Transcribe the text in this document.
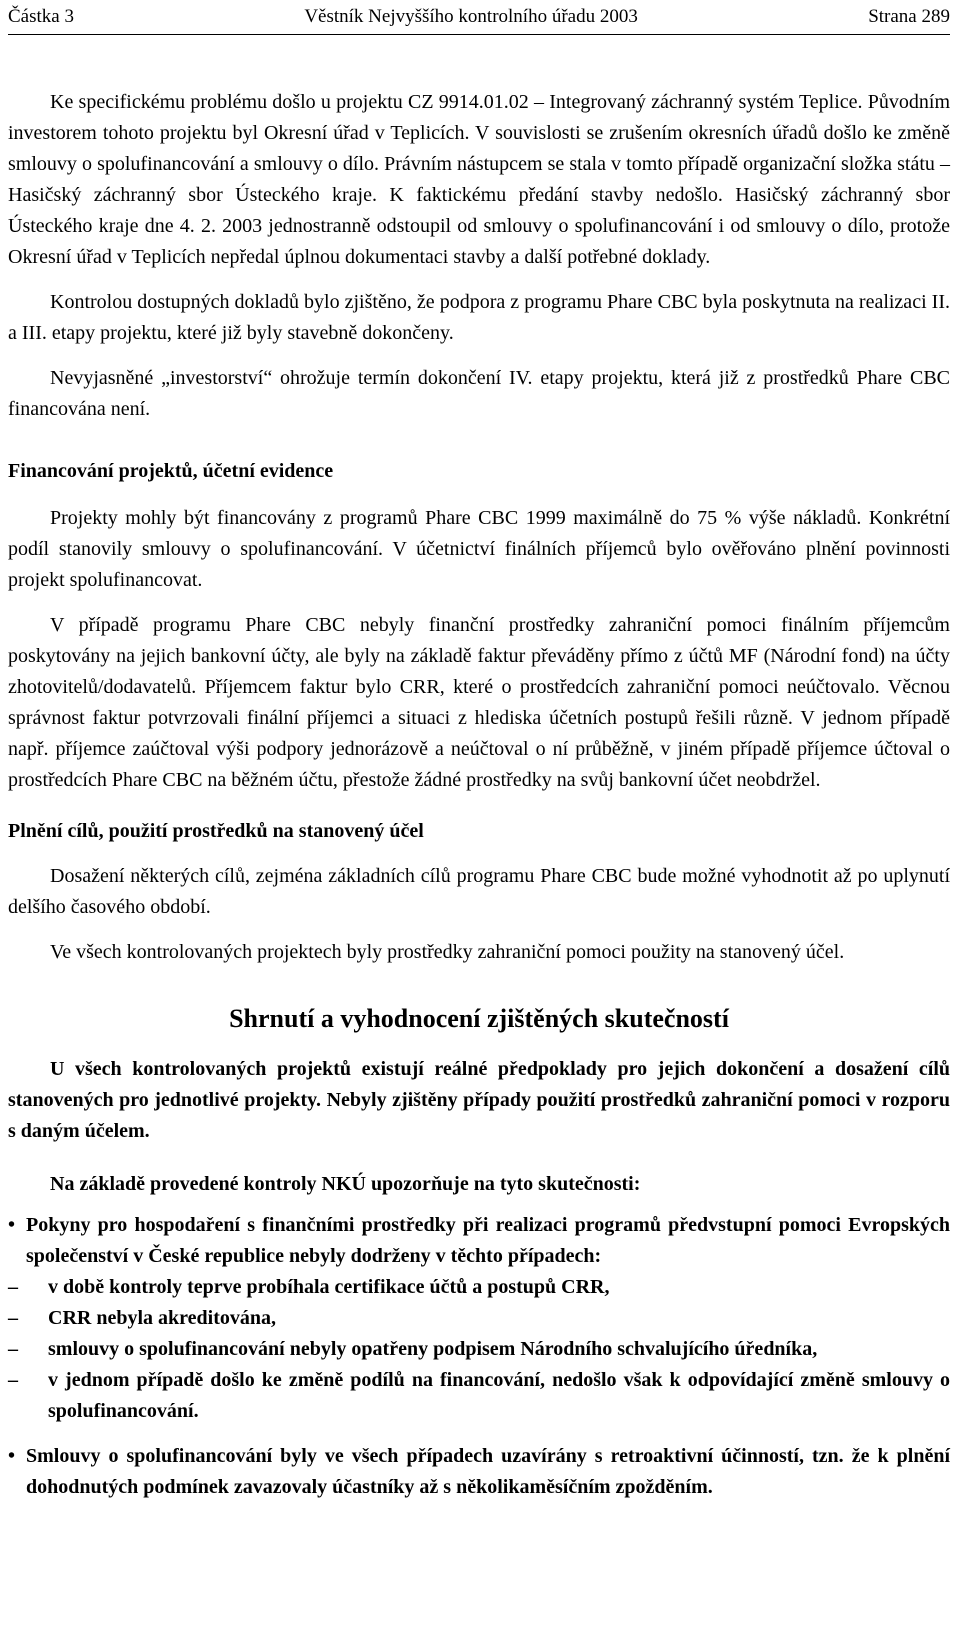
Částka 3	Věstník Nejvyššího kontrolního úřadu 2003	Strana 289

Ke specifickému problému došlo u projektu CZ 9914.01.02 – Integrovaný záchranný systém Teplice. Původním investorem tohoto projektu byl Okresní úřad v Teplicích. V souvislosti se zrušením okresních úřadů došlo ke změně smlouvy o spolufinancování a smlouvy o dílo. Právním nástupcem se stala v tomto případě organizační složka státu – Hasičský záchranný sbor Ústeckého kraje. K faktickému předání stavby nedošlo. Hasičský záchranný sbor Ústeckého kraje dne 4. 2. 2003 jednostranně odstoupil od smlouvy o spolufinancování i od smlouvy o dílo, protože Okresní úřad v Teplicích nepředal úplnou dokumentaci stavby a další potřebné doklady.

Kontrolou dostupných dokladů bylo zjištěno, že podpora z programu Phare CBC byla poskytnuta na realizaci II. a III. etapy projektu, které již byly stavebně dokončeny.

Nevyjasněné „investorství“ ohrožuje termín dokončení IV. etapy projektu, která již z prostředků Phare CBC financována není.

Financování projektů, účetní evidence

Projekty mohly být financovány z programů Phare CBC 1999 maximálně do 75 % výše nákladů. Konkrétní podíl stanovily smlouvy o spolufinancování. V účetnictví finálních příjemců bylo ověřováno plnění povinnosti projekt spolufinancovat.

V případě programu Phare CBC nebyly finanční prostředky zahraniční pomoci finálním příjemcům poskytovány na jejich bankovní účty, ale byly na základě faktur převáděny přímo z účtů MF (Národní fond) na účty zhotovitelů/dodavatelů. Příjemcem faktur bylo CRR, které o prostředcích zahraniční pomoci neúčtovalo. Věcnou správnost faktur potvrzovali finální příjemci a situaci z hlediska účetních postupů řešili různě. V jednom případě např. příjemce zaúčtoval výši podpory jednorázově a neúčtoval o ní průběžně, v jiném případě příjemce účtoval o prostředcích Phare CBC na běžném účtu, přestože žádné prostředky na svůj bankovní účet neobdržel.

Plnění cílů, použití prostředků na stanovený účel

Dosažení některých cílů, zejména základních cílů programu Phare CBC bude možné vyhodnotit až po uplynutí delšího časového období.

Ve všech kontrolovaných projektech byly prostředky zahraniční pomoci použity na stanovený účel.

Shrnutí a vyhodnocení zjištěných skutečností

U všech kontrolovaných projektů existují reálné předpoklady pro jejich dokončení a dosažení cílů stanovených pro jednotlivé projekty. Nebyly zjištěny případy použití prostředků zahraniční pomoci v rozporu s daným účelem.

Na základě provedené kontroly NKÚ upozorňuje na tyto skutečnosti:

• Pokyny pro hospodaření s finančními prostředky při realizaci programů předvstupní pomoci Evropských společenství v České republice nebyly dodrženy v těchto případech:
– v době kontroly teprve probíhala certifikace účtů a postupů CRR,
– CRR nebyla akreditována,
– smlouvy o spolufinancování nebyly opatřeny podpisem Národního schvalujícího úředníka,
– v jednom případě došlo ke změně podílů na financování, nedošlo však k odpovídající změně smlouvy o spolufinancování.
• Smlouvy o spolufinancování byly ve všech případech uzavírány s retroaktivní účinností, tzn. že k plnění dohodnutých podmínek zavazovaly účastníky až s několikaměsíčním zpožděním.
